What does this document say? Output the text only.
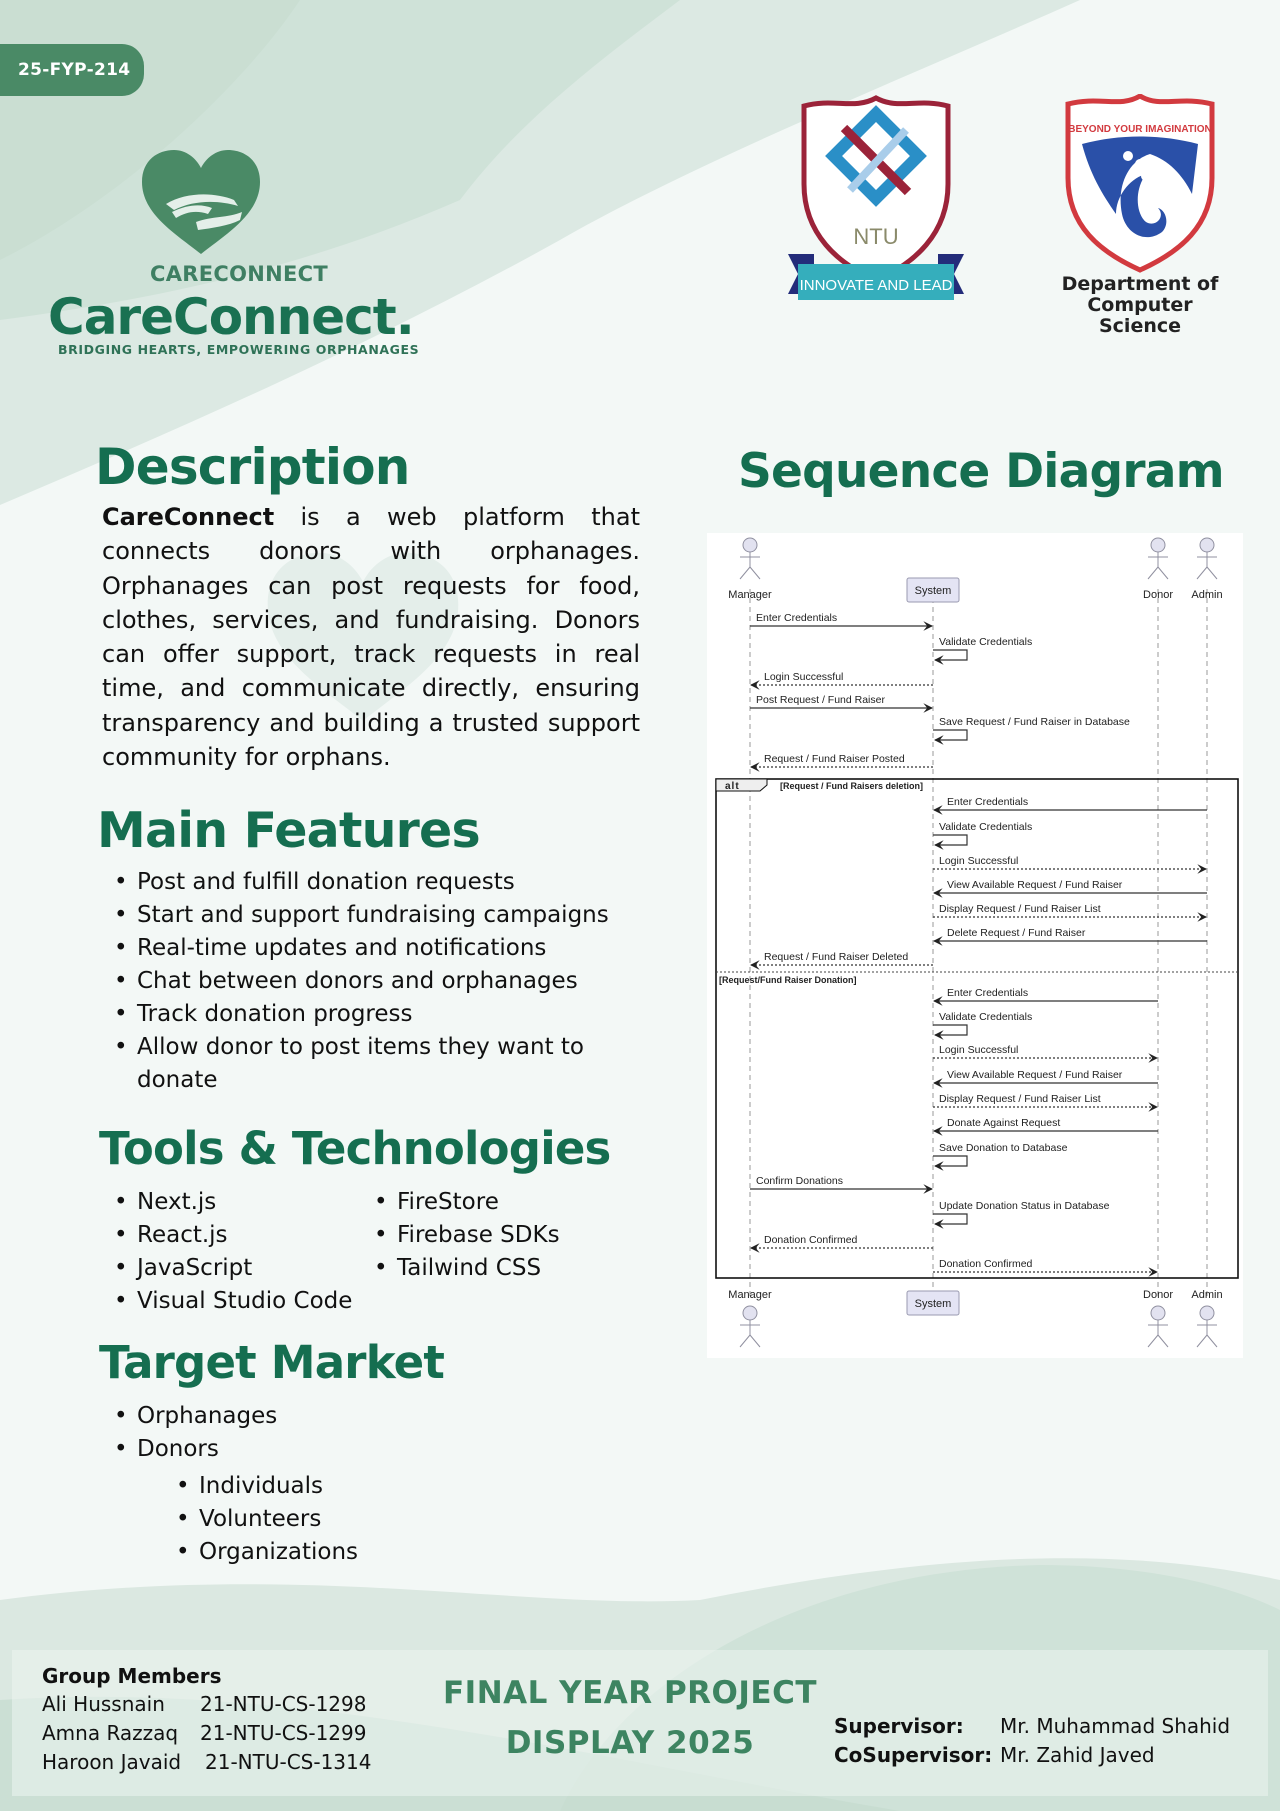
25-FYP-214
CARECONNECT
CareConnect.
BRIDGING HEARTS, EMPOWERING ORPHANAGES
NTU
INNOVATE AND LEAD
BEYOND YOUR IMAGINATION
Department of
Computer Science
Description

CareConnect is a web platform that connects donors with orphanages. Orphanages can post requests for food, clothes, services, and fundraising. Donors can offer support, track requests in real time, and communicate directly, ensuring transparency and building a trusted support community for orphans.

Main Features
• Post and fulfill donation requests
• Start and support fundraising campaigns
• Real-time updates and notifications
• Chat between donors and orphanages
• Track donation progress
• Allow donor to post items they want to donate
Tools & Technologies
• Next.js
• React.js
• JavaScript
• Visual Studio Code
• FireStore
• Firebase SDKs
• Tailwind CSS
Target Market
• Orphanages
• Donors
• Individuals
• Volunteers
• Organizations
Sequence Diagram
Manager	Donor Admin
System
Manager	Donor Admin
System
alt	[Request / Fund Raisers deletion]
[Request/Fund Raiser Donation]
Enter Credentials
Validate Credentials
Login Successful
Post Request / Fund Raiser
Save Request / Fund Raiser in Database
Request / Fund Raiser Posted
Enter Credentials
Validate Credentials
Login Successful
View Available Request / Fund Raiser
Display Request / Fund Raiser List
Delete Request / Fund Raiser
Request / Fund Raiser Deleted
Enter Credentials
Validate Credentials
Login Successful
View Available Request / Fund Raiser
Display Request / Fund Raiser List
Donate Against Request
Save Donation to Database
Confirm Donations
Update Donation Status in Database
Donation Confirmed
Donation Confirmed
Group Members
Ali Hussnain 21-NTU-CS-1298
Amna Razzaq 21-NTU-CS-1299
Haroon Javaid 21-NTU-CS-1314
FINAL YEAR PROJECT
DISPLAY 2025	Supervisor: Mr. Muhammad Shahid
CoSupervisor: Mr. Zahid Javed
